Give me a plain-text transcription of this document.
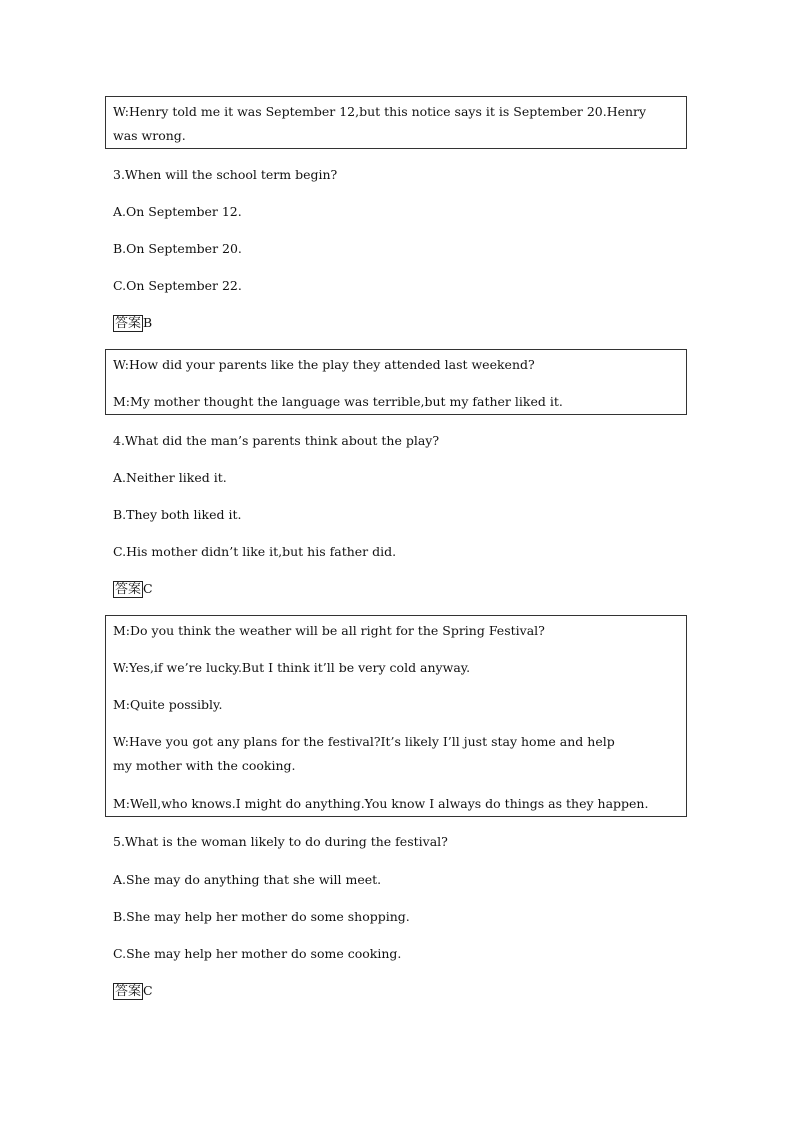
W:Henry told me it was September 12,but this notice says it is September 20.Henry
was wrong.
3.When will the school term begin?
A.On September 12.
B.On September 20.
C.On September 22.
答案 B
W:How did your parents like the play they attended last weekend?
M:My mother thought the language was terrible,but my father liked it.
4.What did the man’s parents think about the play?
A.Neither liked it.
B.They both liked it.
C.His mother didn’t like it,but his father did.
答案 C
M:Do you think the weather will be all right for the Spring Festival?
W:Yes,if we’re lucky.But I think it’ll be very cold anyway.
M:Quite possibly.
W:Have you got any plans for the festival?It’s likely I’ll just stay home and help
my mother with the cooking.
M:Well,who knows.I might do anything.You know I always do things as they happen.
5.What is the woman likely to do during the festival?
A.She may do anything that she will meet.
B.She may help her mother do some shopping.
C.She may help her mother do some cooking.
答案 C
